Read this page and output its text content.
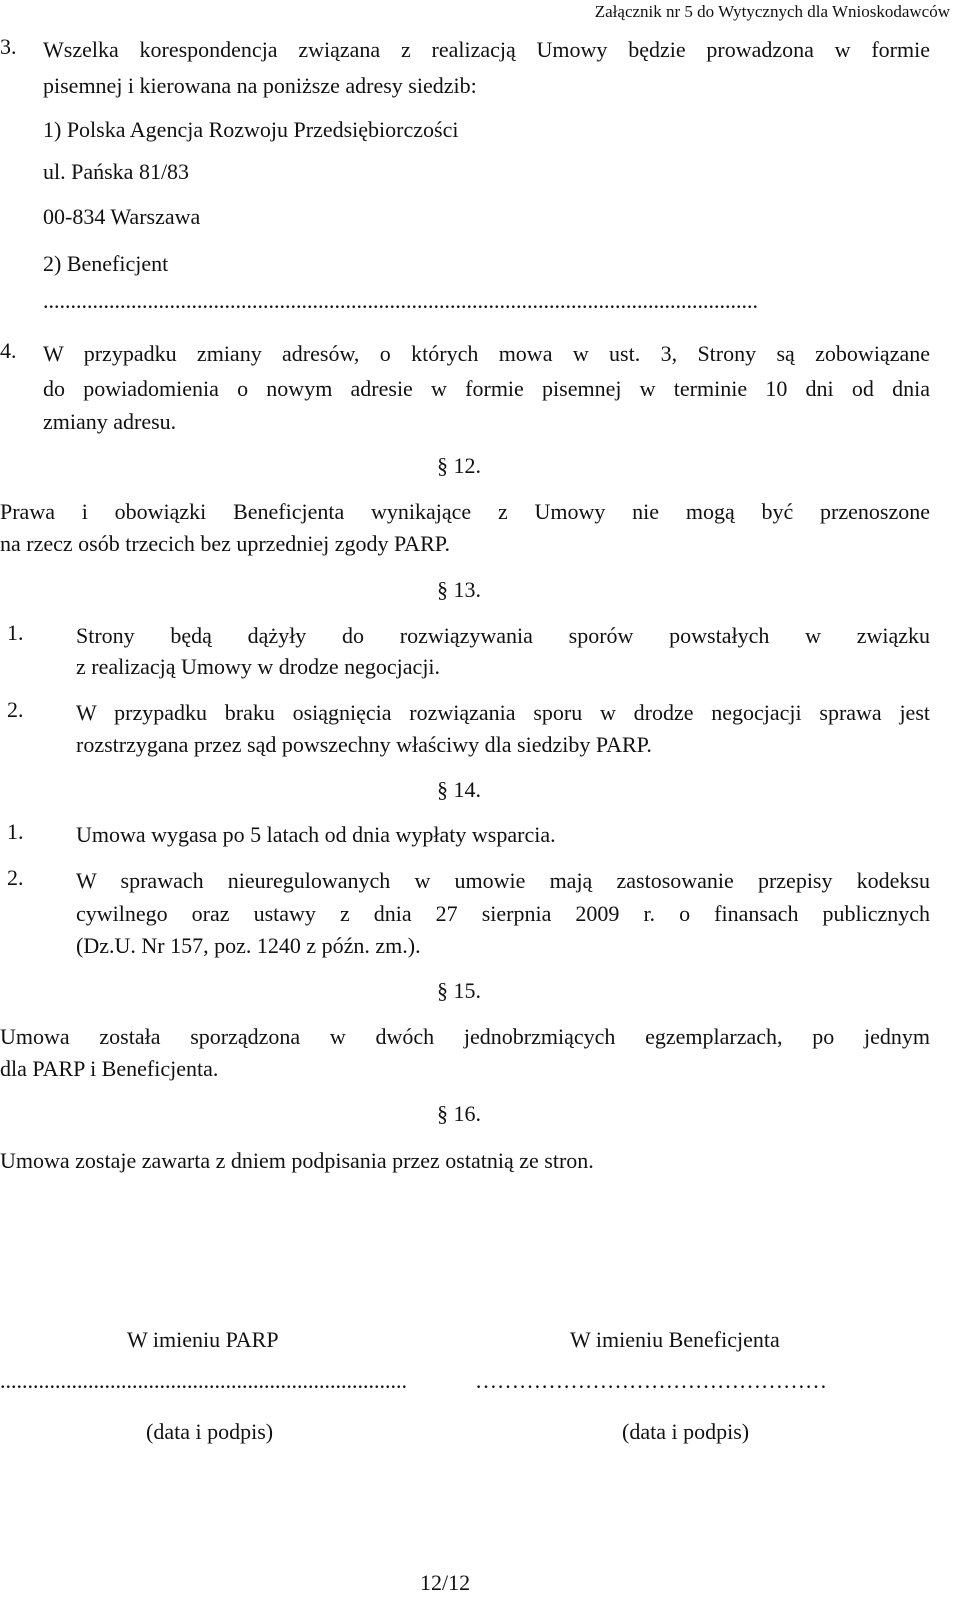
Załącznik nr 5 do Wytycznych dla Wnioskodawców
3. Wszelka korespondencja związana z realizacją Umowy będzie prowadzona w formie
pisemnej i kierowana na poniższe adresy siedzib:
1) Polska Agencja Rozwoju Przedsiębiorczości
ul. Pańska 81/83
00-834 Warszawa
2) Beneficjent
..................................................................................................................................
4. W przypadku zmiany adresów, o których mowa w ust. 3, Strony są zobowiązane
do powiadomienia o nowym adresie w formie pisemnej w terminie 10 dni od dnia
zmiany adresu.
§ 12.
Prawa i obowiązki Beneficjenta wynikające z Umowy nie mogą być przenoszone
na rzecz osób trzecich bez uprzedniej zgody PARP.
§ 13.
1. Strony będą dążyły do rozwiązywania sporów powstałych w związku
z realizacją Umowy w drodze negocjacji.
2. W przypadku braku osiągnięcia rozwiązania sporu w drodze negocjacji sprawa jest
rozstrzygana przez sąd powszechny właściwy dla siedziby PARP.
§ 14.
1. Umowa wygasa po 5 latach od dnia wypłaty wsparcia.
2. W sprawach nieuregulowanych w umowie mają zastosowanie przepisy kodeksu
cywilnego oraz ustawy z dnia 27 sierpnia 2009 r. o finansach publicznych
(Dz.U. Nr 157, poz. 1240 z późn. zm.).
§ 15.
Umowa została sporządzona w dwóch jednobrzmiących egzemplarzach, po jednym
dla PARP i Beneficjenta.
§ 16.
Umowa zostaje zawarta z dniem podpisania przez ostatnią ze stron.
W imieniu PARP
..........................................................................
(data i podpis)
W imieniu Beneficjenta
…………………………………………
(data i podpis)
12/12
